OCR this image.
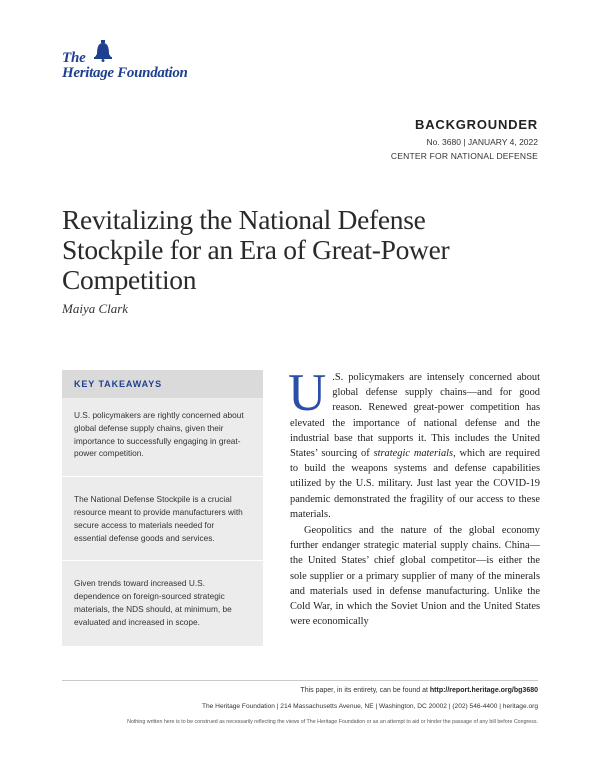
The
Heritage Foundation
BACKGROUNDER
No. 3680 | JANUARY 4, 2022
CENTER FOR NATIONAL DEFENSE
Revitalizing the National Defense Stockpile for an Era of Great-Power Competition
Maiya Clark
KEY TAKEAWAYS
U.S. policymakers are rightly concerned about global defense supply chains, given their importance to successfully engaging in great-power competition.
The National Defense Stockpile is a crucial resource meant to provide manufacturers with secure access to materials needed for essential defense goods and services.
Given trends toward increased U.S. dependence on foreign-sourced strategic materials, the NDS should, at minimum, be evaluated and increased in scope.

U .S. policymakers are intensely concerned about global defense supply chains—and for good reason. Renewed great-power competition has elevated the importance of national defense and the industrial base that supports it. This includes the United States’ sourcing of strategic materials, which are required to build the weapons systems and defense capabilities utilized by the U.S. military. Just last year the COVID-19 pandemic demonstrated the fragility of our access to these materials.

Geopolitics and the nature of the global economy further endanger strategic material supply chains. China—the United States’ chief global competitor—is either the sole supplier or a primary supplier of many of the minerals and materials used in defense manufacturing. Unlike the Cold War, in which the Soviet Union and the United States were economically

This paper, in its entirety, can be found at http://report.heritage.org/bg3680
The Heritage Foundation | 214 Massachusetts Avenue, NE | Washington, DC 20002 | (202) 546-4400 | heritage.org
Nothing written here is to be construed as necessarily reflecting the views of The Heritage Foundation or as an attempt to aid or hinder the passage of any bill before Congress.
